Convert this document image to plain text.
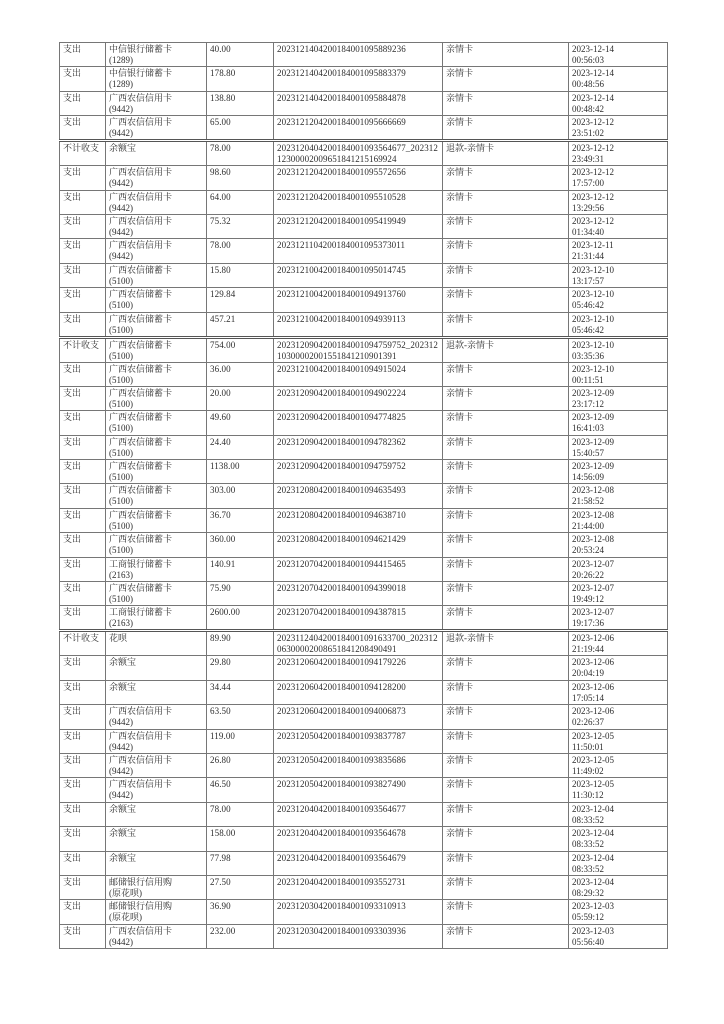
支出	中信银行储蓄卡
(1289)
	40.00	2023121404200184001095889236	亲情卡	2023-12-14
00:56:03

支出	中信银行储蓄卡
(1289)
	178.80	2023121404200184001095883379	亲情卡	2023-12-14
00:48:56

支出	广西农信信用卡
(9442)
	138.80	2023121404200184001095884878	亲情卡	2023-12-14
00:48:42

支出	广西农信信用卡
(9442)
	65.00	2023121204200184001095666669	亲情卡	2023-12-12
23:51:02

不计收支	余额宝	78.00	2023120404200184001093564677_20231212300002009651841215169924	退款-亲情卡	2023-12-12
23:49:31

支出	广西农信信用卡
(9442)
	98.60	2023121204200184001095572656	亲情卡	2023-12-12
17:57:00

支出	广西农信信用卡
(9442)
	64.00	2023121204200184001095510528	亲情卡	2023-12-12
13:29:56

支出	广西农信信用卡
(9442)
	75.32	2023121204200184001095419949	亲情卡	2023-12-12
01:34:40

支出	广西农信信用卡
(9442)
	78.00	2023121104200184001095373011	亲情卡	2023-12-11
21:31:44

支出	广西农信储蓄卡
(5100)
	15.80	2023121004200184001095014745	亲情卡	2023-12-10
13:17:57

支出	广西农信储蓄卡
(5100)
	129.84	2023121004200184001094913760	亲情卡	2023-12-10
05:46:42

支出	广西农信储蓄卡
(5100)
	457.21	2023121004200184001094939113	亲情卡	2023-12-10
05:46:42

不计收支	广西农信储蓄卡
(5100)
	754.00	2023120904200184001094759752_20231210300002001551841210901391	退款-亲情卡	2023-12-10
03:35:36

支出	广西农信储蓄卡
(5100)
	36.00	2023121004200184001094915024	亲情卡	2023-12-10
00:11:51

支出	广西农信储蓄卡
(5100)
	20.00	2023120904200184001094902224	亲情卡	2023-12-09
23:17:12

支出	广西农信储蓄卡
(5100)
	49.60	2023120904200184001094774825	亲情卡	2023-12-09
16:41:03

支出	广西农信储蓄卡
(5100)
	24.40	2023120904200184001094782362	亲情卡	2023-12-09
15:40:57

支出	广西农信储蓄卡
(5100)
	1138.00	2023120904200184001094759752	亲情卡	2023-12-09
14:56:09

支出	广西农信储蓄卡
(5100)
	303.00	2023120804200184001094635493	亲情卡	2023-12-08
21:58:52

支出	广西农信储蓄卡
(5100)
	36.70	2023120804200184001094638710	亲情卡	2023-12-08
21:44:00

支出	广西农信储蓄卡
(5100)
	360.00	2023120804200184001094621429	亲情卡	2023-12-08
20:53:24

支出	工商银行储蓄卡
(2163)
	140.91	2023120704200184001094415465	亲情卡	2023-12-07
20:26:22

支出	广西农信储蓄卡
(5100)
	75.90	2023120704200184001094399018	亲情卡	2023-12-07
19:49:12

支出	工商银行储蓄卡
(2163)
	2600.00	2023120704200184001094387815	亲情卡	2023-12-07
19:17:36

不计收支	花呗	89.90	2023112404200184001091633700_20231206300002008651841208490491	退款-亲情卡	2023-12-06
21:19:44

支出	余额宝	29.80	2023120604200184001094179226	亲情卡	2023-12-06
20:04:19

支出	余额宝	34.44	2023120604200184001094128200	亲情卡	2023-12-06
17:05:14

支出	广西农信信用卡
(9442)
	63.50	2023120604200184001094006873	亲情卡	2023-12-06
02:26:37

支出	广西农信信用卡
(9442)
	119.00	2023120504200184001093837787	亲情卡	2023-12-05
11:50:01

支出	广西农信信用卡
(9442)
	26.80	2023120504200184001093835686	亲情卡	2023-12-05
11:49:02

支出	广西农信信用卡
(9442)
	46.50	2023120504200184001093827490	亲情卡	2023-12-05
11:30:12

支出	余额宝	78.00	2023120404200184001093564677	亲情卡	2023-12-04
08:33:52

支出	余额宝	158.00	2023120404200184001093564678	亲情卡	2023-12-04
08:33:52

支出	余额宝	77.98	2023120404200184001093564679	亲情卡	2023-12-04
08:33:52

支出	邮储银行信用购
(原花呗)
	27.50	2023120404200184001093552731	亲情卡	2023-12-04
08:29:32

支出	邮储银行信用购
(原花呗)
	36.90	2023120304200184001093310913	亲情卡	2023-12-03
05:59:12

支出	广西农信信用卡
(9442)
	232.00	2023120304200184001093303936	亲情卡	2023-12-03
05:56:40
